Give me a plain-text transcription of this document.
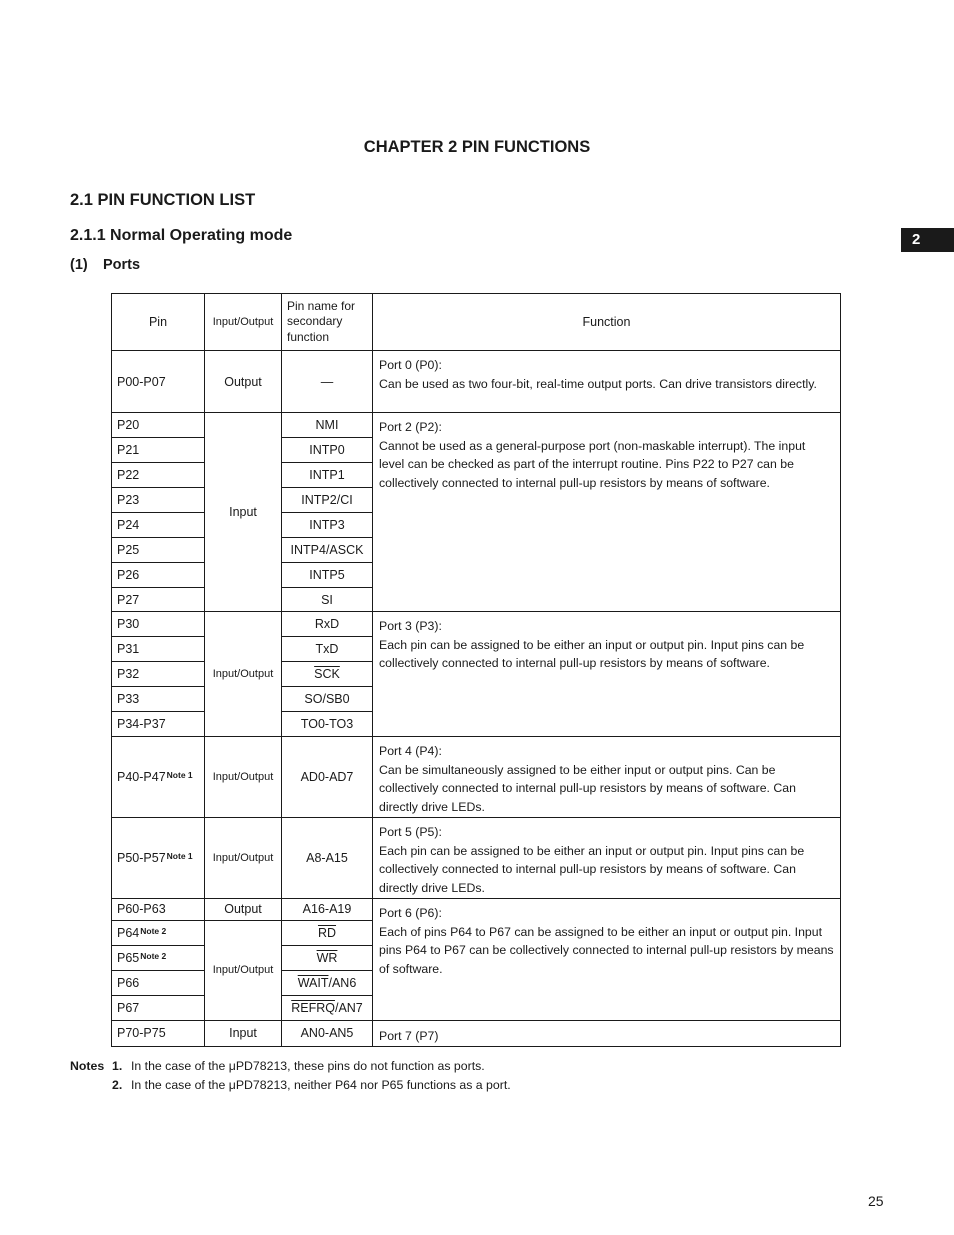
CHAPTER 2 PIN FUNCTIONS
2.1 PIN FUNCTION LIST
2.1.1 Normal Operating mode
(1) Ports
2
Pin	Input/Output	Pin name for secondary function	Function
P00-P07	Output	—	Port 0 (P0):
Can be used as two four-bit, real-time output ports. Can drive transistors directly.

P20	Input	NMI	Port 2 (P2):
Cannot be used as a general-purpose port (non-maskable interrupt). The input level can be checked as part of the interrupt routine. Pins P22 to P27 can be collectively connected to internal pull-up resistors by means of software.

P21		INTP0	
P22		INTP1	
P23		INTP2/CI	
P24		INTP3	
P25		INTP4/ASCK	
P26		INTP5	
P27		SI	
P30	Input/Output	RxD	Port 3 (P3):
Each pin can be assigned to be either an input or output pin. Input pins can be collectively connected to internal pull-up resistors by means of software.

P31		TxD	
P32		$\overline{SCK}$
P33		SO/SB0	
P34-P37		TO0-TO3	
P40-P47$^{Note 1}$	Input/Output	AD0-AD7	Port 4 (P4):
Can be simultaneously assigned to be either input or output pins. Can be collectively connected to internal pull-up resistors by means of software. Can directly drive LEDs.

P50-P57$^{Note 1}$	Input/Output	A8-A15	Port 5 (P5):
Each pin can be assigned to be either an input or output pin. Input pins can be collectively connected to internal pull-up resistors by means of software. Can directly drive LEDs.

P60-P63	Output	A16-A19	Port 6 (P6):
Each of pins P64 to P67 can be assigned to be either an input or output pin. Input pins P64 to P67 can be collectively connected to internal pull-up resistors by means of software.

P64$^{Note 2}$	Input/Output	$\overline{RD}$
P65$^{Note 2}$		$\overline{WR}$
P66		WAIT/AN6	
P67		REFRQ/AN7	
P70-P75	Input	AN0-AN5	Port 7 (P7)
Notes 1. In the case of the μPD78213, these pins do not function as ports.
2. In the case of the μPD78213, neither P64 nor P65 functions as a port.
25
